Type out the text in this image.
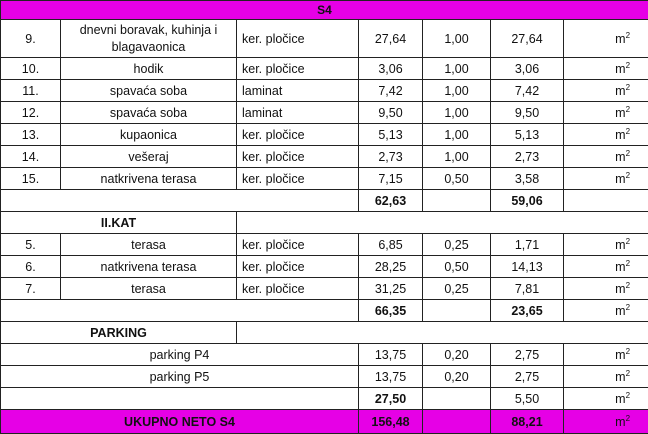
S4						
9.	dnevni boravak, kuhinja i blagavaonica	ker. pločice	27,64	1,00	27,64	$m^2$
10.	hodik	ker. pločice	3,06	1,00	3,06	$m^2$
11.	spavaća soba	laminat	7,42	1,00	7,42	$m^2$
12.	spavaća soba	laminat	9,50	1,00	9,50	$m^2$
13.	kupaonica	ker. pločice	5,13	1,00	5,13	$m^2$
14.	vešeraj	ker. pločice	2,73	1,00	2,73	$m^2$
15.	natkrivena terasa	ker. pločice	7,15	0,50	3,58	$m^2$
			62,63		59,06	
II.KAT						
5.	terasa	ker. pločice	6,85	0,25	1,71	$m^2$
6.	natkrivena terasa	ker. pločice	28,25	0,50	14,13	$m^2$
7.	terasa	ker. pločice	31,25	0,25	7,81	$m^2$
			66,35		23,65	$m^2$
PARKING						
parking P4			13,75	0,20	2,75	$m^2$
parking P5			13,75	0,20	2,75	$m^2$
			27,50		5,50	$m^2$
UKUPNO NETO S4			156,48		88,21	$m^2$
